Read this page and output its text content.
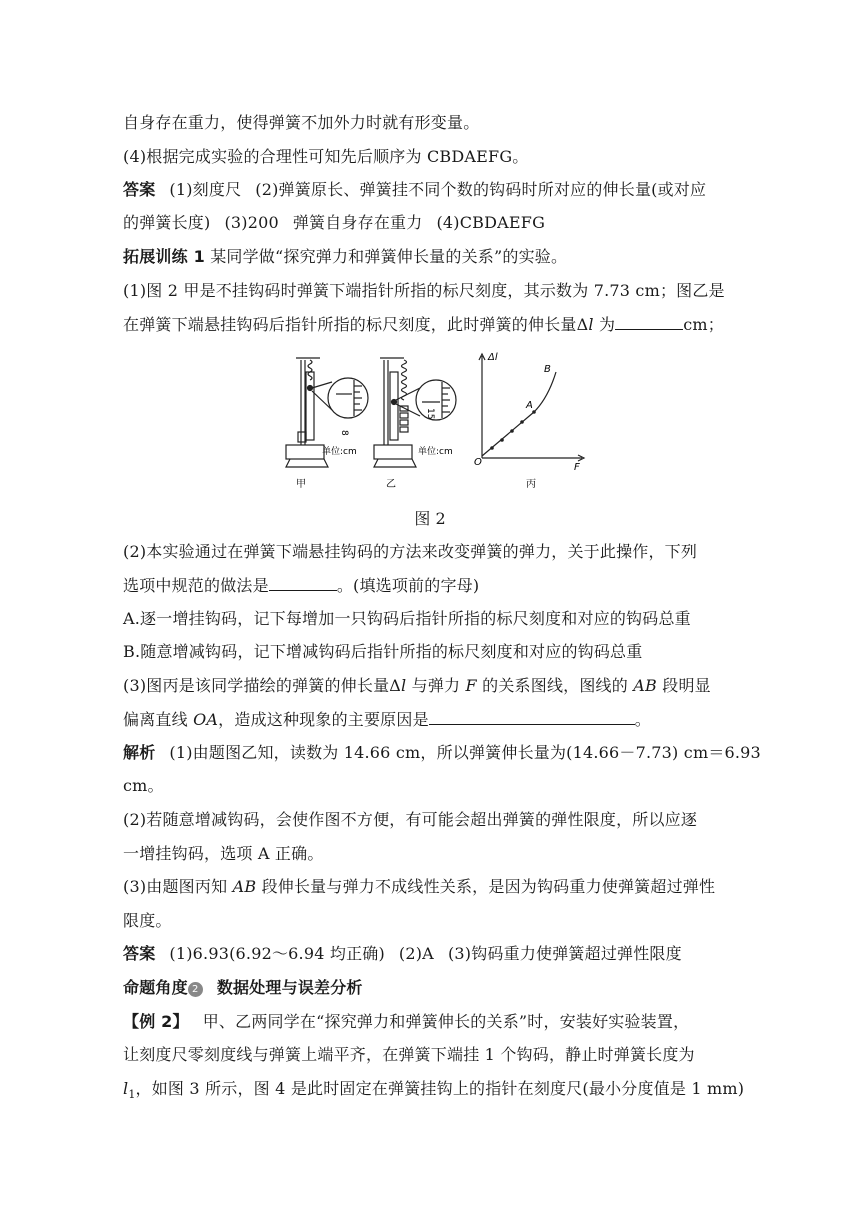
自身存在重力，使得弹簧不加外力时就有形变量。
(4)根据完成实验的合理性可知先后顺序为 CBDAEFG。
答案 (1)刻度尺 (2)弹簧原长、弹簧挂不同个数的钩码时所对应的伸长量(或对应
的弹簧长度) (3)200 弹簧自身存在重力 (4)CBDAEFG
拓展训练 1 某同学做“探究弹力和弹簧伸长量的关系”的实验。
(1)图 2 甲是不挂钩码时弹簧下端指针所指的标尺刻度，其示数为 7.73 cm；图乙是
在弹簧下端悬挂钩码后指针所指的标尺刻度，此时弹簧的伸长量Δl 为	cm；
8
单位:cm
15
单位:cm
Δl
F
O
A
B
甲	乙	丙
图 2
(2)本实验通过在弹簧下端悬挂钩码的方法来改变弹簧的弹力，关于此操作，下列
选项中规范的做法是	。(填选项前的字母)
A.逐一增挂钩码，记下每增加一只钩码后指针所指的标尺刻度和对应的钩码总重
B.随意增减钩码，记下增减钩码后指针所指的标尺刻度和对应的钩码总重
(3)图丙是该同学描绘的弹簧的伸长量Δl 与弹力 F 的关系图线，图线的 AB 段明显
偏离直线 OA，造成这种现象的主要原因是	。
解析 (1)由题图乙知，读数为 14.66 cm，所以弹簧伸长量为(14.66－7.73) cm＝6.93
cm。
(2)若随意增减钩码，会使作图不方便，有可能会超出弹簧的弹性限度，所以应逐
一增挂钩码，选项 A 正确。
(3)由题图丙知 AB 段伸长量与弹力不成线性关系，是因为钩码重力使弹簧超过弹性
限度。
答案 (1)6.93(6.92～6.94 均正确) (2)A (3)钩码重力使弹簧超过弹性限度
命题角度 2 数据处理与误差分析
【例 2】 甲、乙两同学在“探究弹力和弹簧伸长的关系”时，安装好实验装置，
让刻度尺零刻度线与弹簧上端平齐，在弹簧下端挂 1 个钩码，静止时弹簧长度为
$l_1$，如图 3 所示，图 4 是此时固定在弹簧挂钩上的指针在刻度尺(最小分度值是 1 mm)
